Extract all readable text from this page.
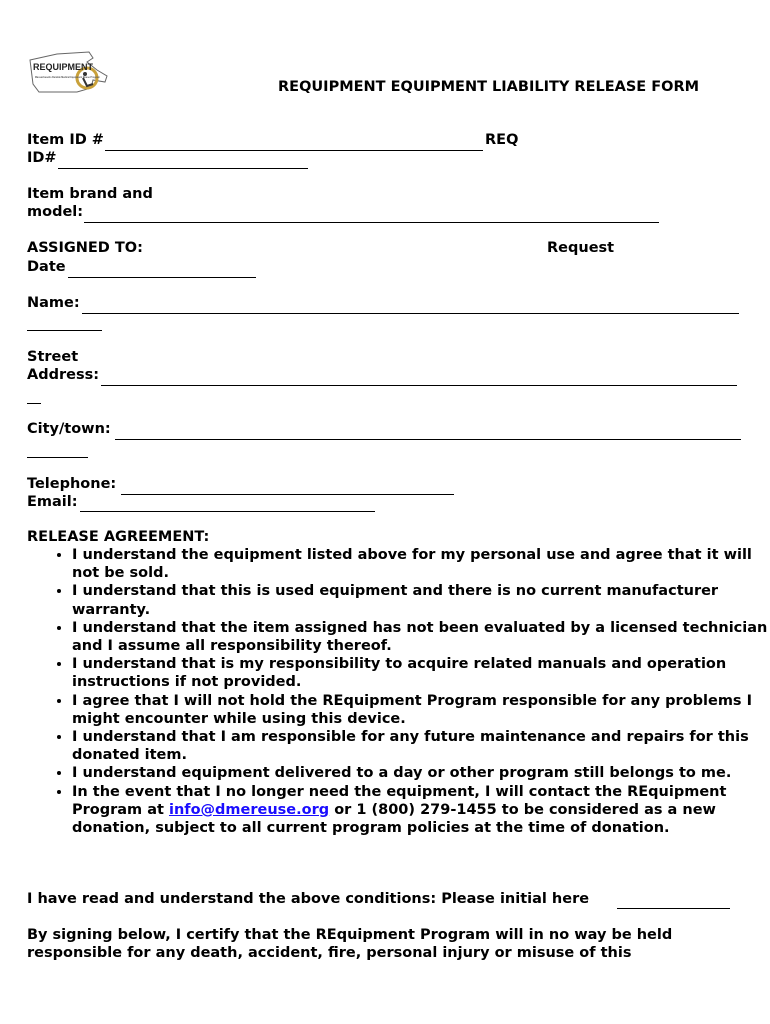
REQUIPMENT
Massachusetts Durable Medical Equipment Reuse Program
REQUIPMENT EQUIPMENT LIABILITY RELEASE FORM
Item ID #	REQ
ID#
Item brand and
model:
ASSIGNED TO:	Request
Date
Name:
Street
Address:
City/town:
Telephone:
Email:
RELEASE AGREEMENT:
• I understand the equipment listed above for my personal use and agree that it will not be sold.
• I understand that this is used equipment and there is no current manufacturer warranty.
• I understand that the item assigned has not been evaluated by a licensed technician and I assume all responsibility thereof.
• I understand that is my responsibility to acquire related manuals and operation instructions if not provided.
• I agree that I will not hold the REquipment Program responsible for any problems I might encounter while using this device.
• I understand that I am responsible for any future maintenance and repairs for this donated item.
• I understand equipment delivered to a day or other program still belongs to me.
• In the event that I no longer need the equipment, I will contact the REquipment Program at info@dmereuse.org or 1 (800) 279-1455 to be considered as a new donation, subject to all current program policies at the time of donation.
I have read and understand the above conditions: Please initial here
By signing below, I certify that the REquipment Program will in no way be held
responsible for any death, accident, fire, personal injury or misuse of this
